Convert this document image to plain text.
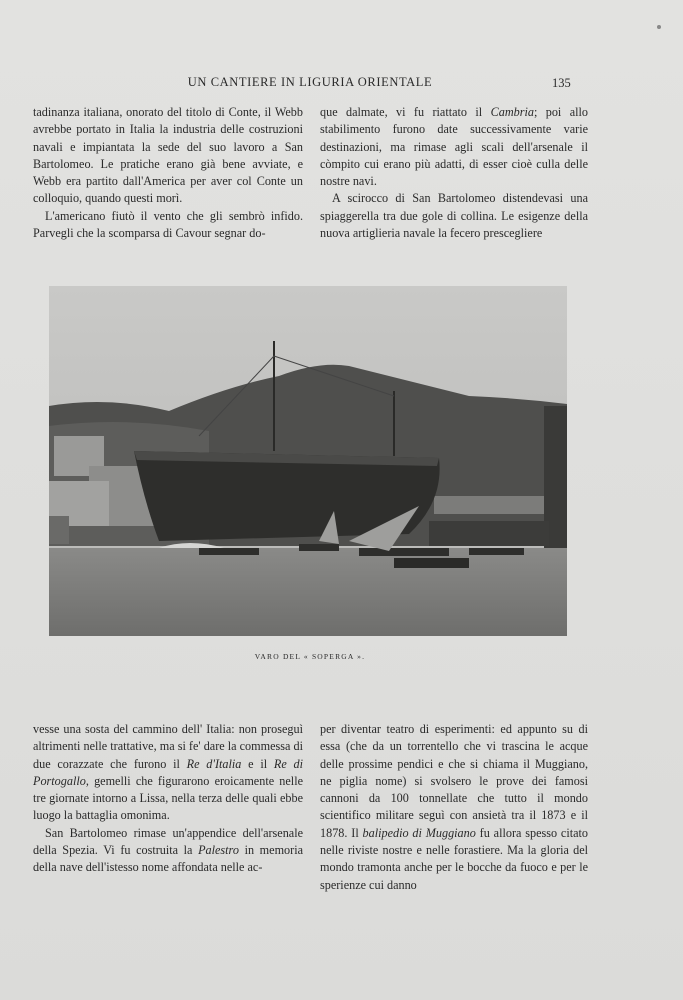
UN CANTIERE IN LIGURIA ORIENTALE	135

tadinanza italiana, onorato del titolo di Conte, il Webb avrebbe portato in Italia la industria delle costruzioni navali e impiantata la sede del suo lavoro a San Bartolomeo. Le pratiche erano già bene avviate, e Webb era partito dall'America per aver col Conte un colloquio, quando questi morì.

L'americano fiutò il vento che gli sembrò infido. Parvegli che la scomparsa di Cavour segnar do-

que dalmate, vi fu riattato il Cambria; poi allo stabilimento furono date successivamente varie destinazioni, ma rimase agli scali dell'arsenale il còmpito cui erano più adatti, di esser cioè culla delle nostre navi.

A scirocco di San Bartolomeo distendevasi una spiaggerella tra due gole di collina. Le esigenze della nuova artiglieria navale la fecero prescegliere

VARO DEL « SOPERGA ».

vesse una sosta del cammino dell' Italia: non proseguì altrimenti nelle trattative, ma si fe' dare la commessa di due corazzate che furono il Re d'Italia e il Re di Portogallo, gemelli che figurarono eroicamente nelle tre giornate intorno a Lissa, nella terza delle quali ebbe luogo la battaglia omonima.

San Bartolomeo rimase un'appendice dell'arsenale della Spezia. Vi fu costruita la Palestro in memoria della nave dell'istesso nome affondata nelle ac-

per diventar teatro di esperimenti: ed appunto su di essa (che da un torrentello che vi trascina le acque delle prossime pendici e che si chiama il Muggiano, ne piglia nome) si svolsero le prove dei famosi cannoni da 100 tonnellate che tutto il mondo scientifico militare seguì con ansietà tra il 1873 e il 1878. Il balipedio di Muggiano fu allora spesso citato nelle riviste nostre e nelle forastiere. Ma la gloria del mondo tramonta anche per le bocche da fuoco e per le sperienze cui danno
